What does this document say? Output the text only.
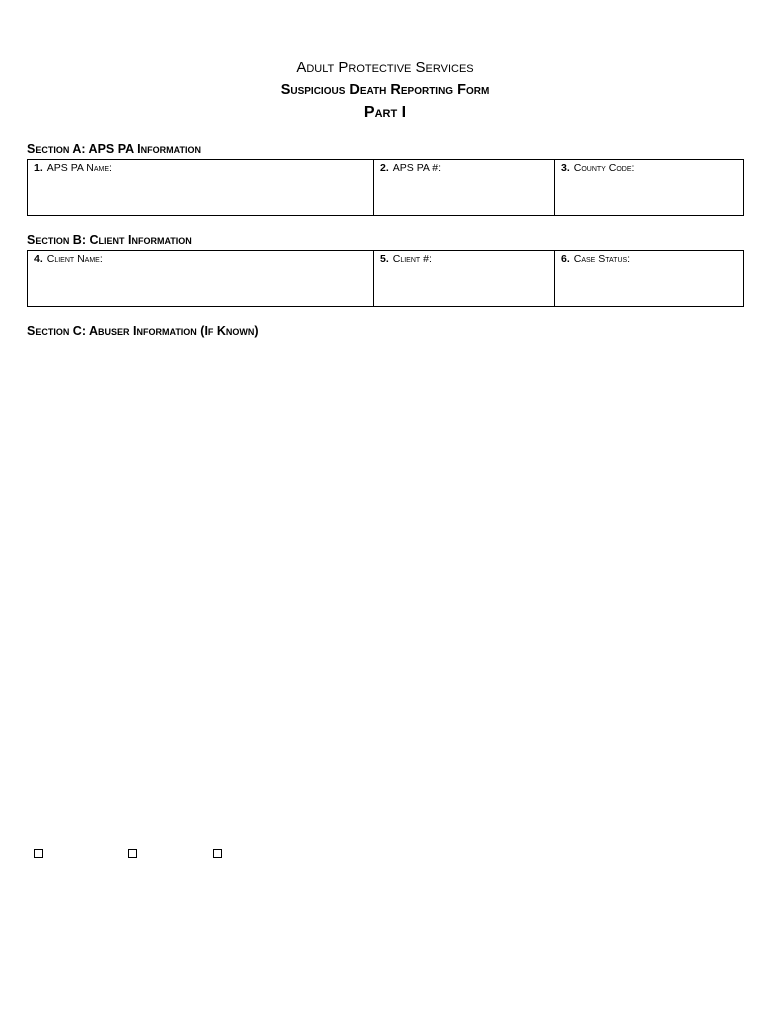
Adult Protective Services
Suspicious Death Reporting Form
Part I
Section A: APS PA Information
1. APS PA Name:	2. APS PA #:	3. County Code:
Section B: Client Information
4. Client Name:	5. Client #:	6. Case Status:
Section C: Abuser Information (If Known)
